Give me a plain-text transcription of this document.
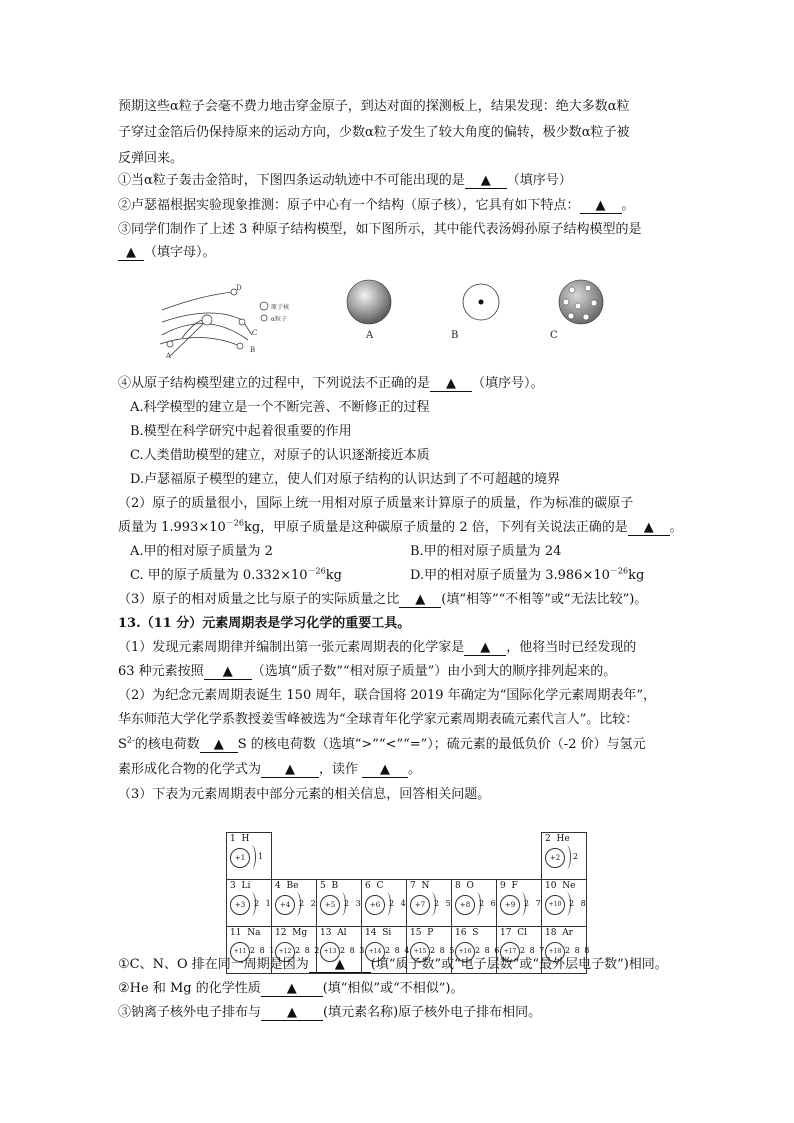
预期这些α粒子会毫不费力地击穿金原子，到达对面的探测板上，结果发现：绝大多数α粒
子穿过金箔后仍保持原来的运动方向，少数α粒子发生了较大角度的偏转，极少数α粒子被
反弹回来。
①当α粒子轰击金箔时，下图四条运动轨迹中不可能出现的是 ▲ （填序号）
②卢瑟福根据实验现象推测：原子中心有一个结构（原子核），它具有如下特点： ▲ 。
③同学们制作了上述 3 种原子结构模型，如下图所示，其中能代表汤姆孙原子结构模型的是
▲ （填字母）。
D
C
B
A
原子核
α粒子
A	B	C
④从原子结构模型建立的过程中，下列说法不正确的是 ▲ （填序号）。
A.科学模型的建立是一个不断完善、不断修正的过程
B.模型在科学研究中起着很重要的作用
C.人类借助模型的建立，对原子的认识逐渐接近本质
D.卢瑟福原子模型的建立，使人们对原子结构的认识达到了不可超越的境界
（2）原子的质量很小，国际上统一用相对原子质量来计算原子的质量，作为标准的碳原子
质量为 $1.993\times 10^{-26}kg$，甲原子质量是这种碳原子质量的 2 倍，下列有关说法正确的是 ▲ 。
A.甲的相对原子质量为 2	B.甲的相对原子质量为 24
C. 甲的原子质量为 $0.332\times 10^{-26}kg$	D.甲的相对原子质量为 $3.986\times 10^{-26}kg$
（3）原子的相对质量之比与原子的实际质量之比 ▲ (填“相等”“不相等”或“无法比较”)。
13.（11 分）元素周期表是学习化学的重要工具。
（1）发现元素周期律并编制出第一张元素周期表的化学家是 ▲ ，他将当时已经发现的
63 种元素按照 ▲ （选填“质子数”“相对原子质量”）由小到大的顺序排列起来的。
（2）为纪念元素周期表诞生 150 周年，联合国将 2019 年确定为“国际化学元素周期表年”，
华东师范大学化学系教授姜雪峰被选为“全球青年化学家元素周期表硫元素代言人”。比较：
$S^{2-}$的核电荷数 ▲ S 的核电荷数（选填“>”“<”“=”）；硫元素的最低负价（-2 价）与氢元
素形成化合物的化学式为 ▲ ，读作 ▲ 。
（3）下表为元素周期表中部分元素的相关信息，回答相关问题。
1 H
+1 1							2 He
+2 2

3 Li
+3 2 1	4 Be
+4 2 2	5 B
+5 2 3	6 C
+6 2 4	7 N
+7 2 5	8 O
+8 2 6	9 F
+9 2 7	10 Ne
+10 2 8

11 Na
+11 2 8 1	12 Mg
+12 2 8 2	13 Al
+13 2 8 3	14 Si
+14 2 8 4	15 P
+15 2 8 5	16 S
+16 2 8 6	17 Cl
+17 2 8 7	18 Ar
+18 2 8 8
①C、N、O 排在同一周期是因为 ▲ (填“质子数”或“电子层数”或“最外层电子数”)相同。
②He 和 Mg 的化学性质 ▲ (填“相似”或“不相似”)。
③钠离子核外电子排布与 ▲ (填元素名称)原子核外电子排布相同。
